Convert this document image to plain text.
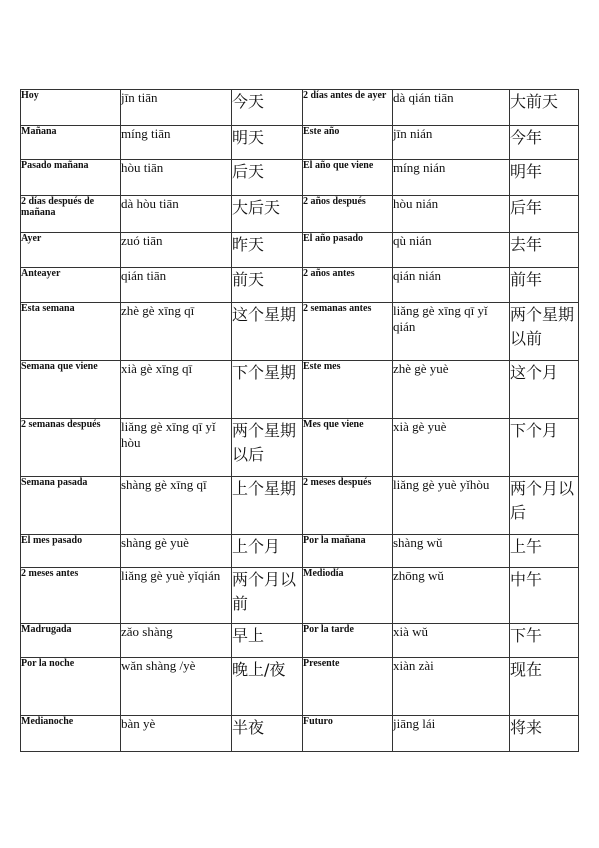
Hoy	jīn tiān	今天	2 días antes de ayer	dà qián tiān	大前天
Mañana	míng tiān	明天	Este año	jīn nián	今年
Pasado mañana	hòu tiān	后天	El año que viene	míng nián	明年
2 días después de mañana	dà hòu tiān	大后天	2 años después	hòu nián	后年
Ayer	zuó tiān	昨天	El año pasado	qù nián	去年
Anteayer	qián tiān	前天	2 años antes	qián nián	前年
Esta semana	zhè gè xīng qī	这个星期	2 semanas antes	liǎng gè xīng qī yǐ qián	两个星期以前
Semana que viene	xià gè xīng qī	下个星期	Este mes	zhè gè yuè	这个月
2 semanas después	liǎng gè xīng qī yǐ hòu	两个星期以后	Mes que viene	xià gè yuè	下个月
Semana pasada	shàng gè xīng qī	上个星期	2 meses después	liǎng gè yuè yǐhòu	两个月以后
El mes pasado	shàng gè yuè	上个月	Por la mañana	shàng wǔ	上午
2 meses antes	liǎng gè yuè yǐqián	两个月以前	Mediodía	zhōng wǔ	中午
Madrugada	zǎo shàng	早上	Por la tarde	xià wǔ	下午
Por la noche	wǎn shàng /yè	晚上/夜	Presente	xiàn zài	现在
Medianoche	bàn yè	半夜	Futuro	jiāng lái	将来
